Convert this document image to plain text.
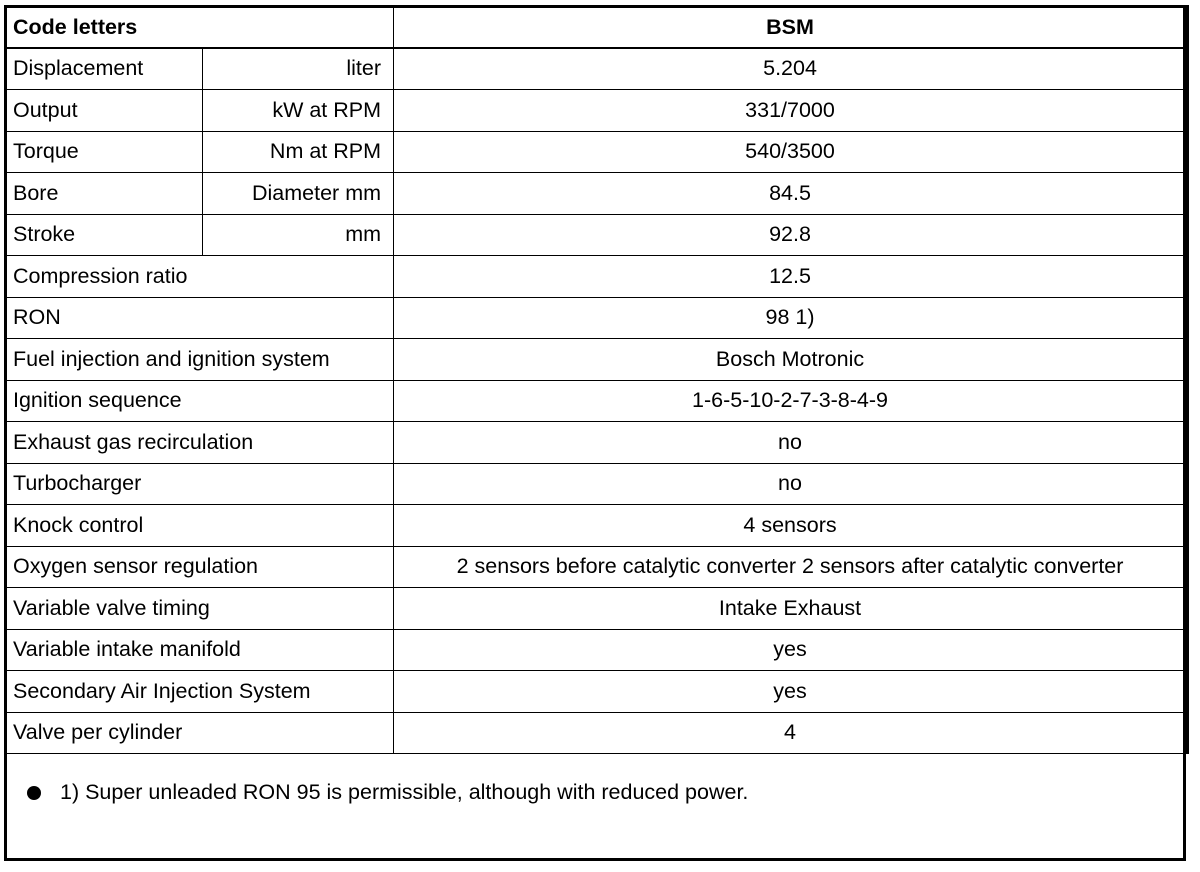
Code letters		BSM
Displacement	liter	5.204
Output	kW at RPM	331/7000
Torque	Nm at RPM	540/3500
Bore	Diameter mm	84.5
Stroke	mm	92.8
Compression ratio		12.5
RON		98 1)
Fuel injection and ignition system		Bosch Motronic
Ignition sequence		1-6-5-10-2-7-3-8-4-9
Exhaust gas recirculation		no
Turbocharger		no
Knock control		4 sensors
Oxygen sensor regulation		2 sensors before catalytic converter 2 sensors after catalytic converter
Variable valve timing		Intake Exhaust
Variable intake manifold		yes
Secondary Air Injection System		yes
Valve per cylinder		4
1) Super unleaded RON 95 is permissible, although with reduced power.
